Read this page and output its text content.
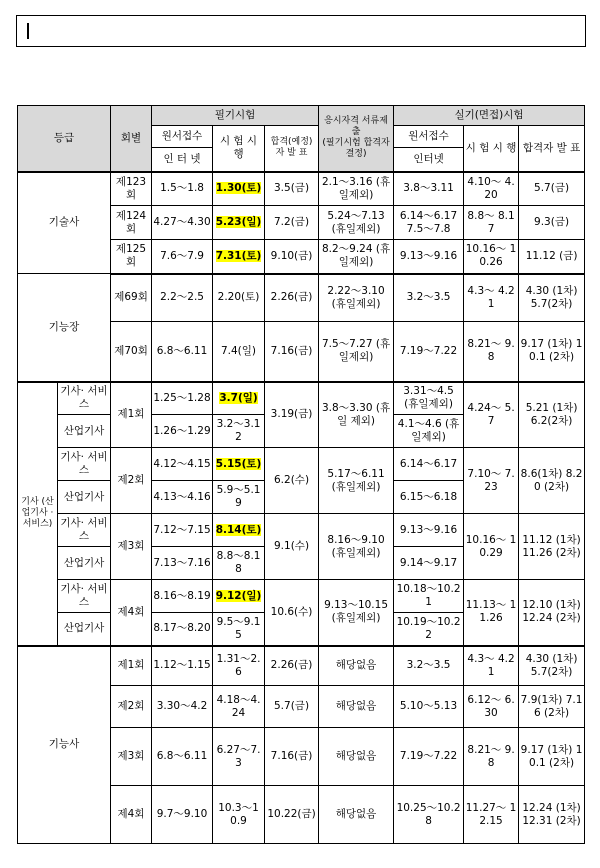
등급		회별	필기시험			응시자격 서류제출
(필기시험 합격자결정)	실기(면접)시험		
			원서접수	시 험 시 행	합격(예정) 자 발 표		원서접수	시 험 시 행	합격자 발 표
			인 터 넷				인터넷		
기술사		제123회	1.5～1.8	1.30(토)	3.5(금)	2.1～3.16 (휴일제외)	3.8～3.11	4.10～ 4.20	5.7(금)
		제124회	4.27～4.30	5.23(일)	7.2(금)	5.24～7.13 (휴일제외)	6.14～6.17 7.5～7.8	8.8～ 8.17	9.3(금)
		제125회	7.6～7.9	7.31(토)	9.10(금)	8.2～9.24 (휴일제외)	9.13～9.16	10.16～ 10.26	11.12 (금)
기능장		제69회	2.2～2.5	2.20(토)	2.26(금)	2.22～3.10 (휴일제외)	3.2～3.5	4.3～ 4.21	4.30 (1차) 5.7(2차)
		제70회	6.8～6.11	7.4(일)	7.16(금)	7.5～7.27 (휴일제외)	7.19～7.22	8.21～ 9.8	9.17 (1차) 10.1 (2차)
기사 (산업기사 · 서비스)	기사· 서비스	제1회	1.25～1.28	3.7(일)	3.19(금)	3.8～3.30 (휴일 제외)	3.31～4.5 (휴일제외)	4.24～ 5.7	5.21 (1차) 6.2(2차)
	산업기사		1.26～1.29	3.2～3.12			4.1～4.6 (휴일제외)		
	기사· 서비스	제2회	4.12～4.15	5.15(토)	6.2(수)	5.17～6.11 (휴일제외)	6.14～6.17	7.10～ 7.23	8.6(1차) 8.20 (2차)
	산업기사		4.13～4.16	5.9～5.19			6.15～6.18		
	기사· 서비스	제3회	7.12～7.15	8.14(토)	9.1(수)	8.16～9.10 (휴일제외)	9.13～9.16	10.16～ 10.29	11.12 (1차) 11.26 (2차)
	산업기사		7.13～7.16	8.8～8.18			9.14～9.17		
	기사· 서비스	제4회	8.16～8.19	9.12(일)	10.6(수)	9.13～10.15 (휴일제외)	10.18～10.21	11.13～ 11.26	12.10 (1차) 12.24 (2차)
	산업기사		8.17～8.20	9.5～9.15			10.19～10.22		
기능사		제1회	1.12～1.15	1.31～2.6	2.26(금)	해당없음	3.2～3.5	4.3～ 4.21	4.30 (1차) 5.7(2차)
		제2회	3.30～4.2	4.18～4.24	5.7(금)	해당없음	5.10～5.13	6.12～ 6.30	7.9(1차) 7.16 (2차)
		제3회	6.8～6.11	6.27～7.3	7.16(금)	해당없음	7.19～7.22	8.21～ 9.8	9.17 (1차) 10.1 (2차)
		제4회	9.7～9.10	10.3～10.9	10.22(금)	해당없음	10.25～10.28	11.27～ 12.15	12.24 (1차) 12.31 (2차)
